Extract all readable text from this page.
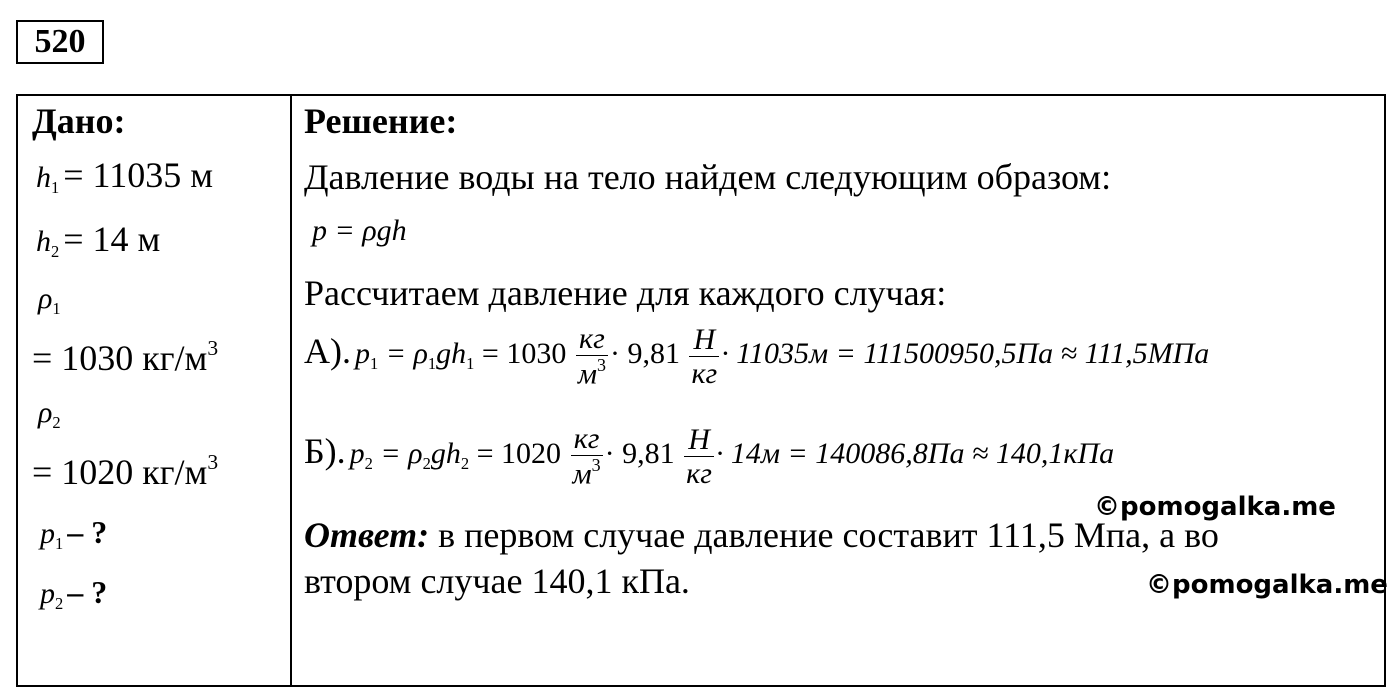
520
Дано:
$h_1 = 11035$ м
$h_2 = 14$ м
$\rho_1$
= 1030 $кг/м^3$
$\rho_2$
= 1020 $кг/м^3$
$p_1$ – ?
$p_2$ – ?
Решение:
Давление воды на тело найдем следующим образом:
p = ρgh
Рассчитаем давление для каждого случая:
А). $p_1 = \rho_1gh_1 = 1030 \frac{кг}{м^3} \cdot 9,81 \frac{H}{кг} \cdot 11035м = 111500950,5Па \approx 111,5МПа$
Б). $p_2 = \rho_2gh_2 = 1020 \frac{кг}{м^3} \cdot 9,81 \frac{H}{кг} \cdot 14м = 140086,8Па \approx 140,1кПа$
©pomogalka.me
Ответ: в первом случае давление составит 111,5 Мпа, а во
втором случае 140,1 кПа.	©pomogalka.me
